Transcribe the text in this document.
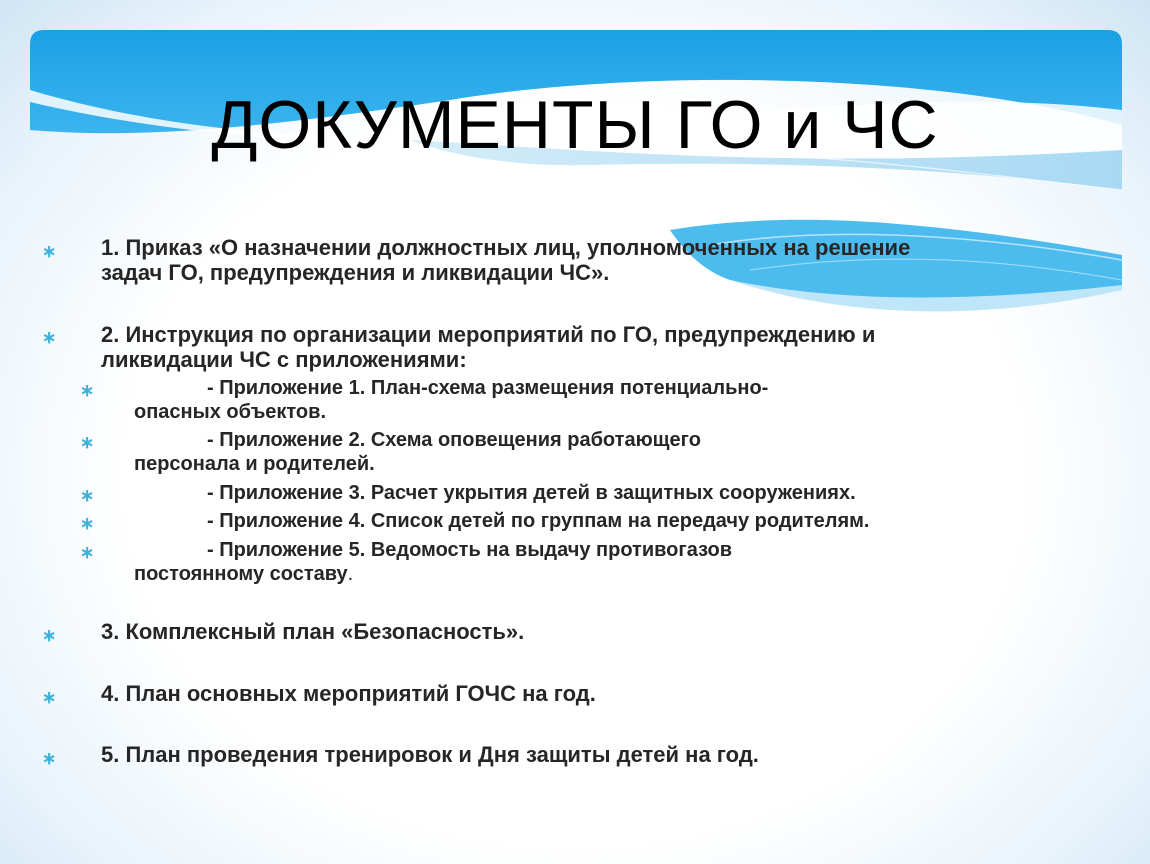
ДОКУМЕНТЫ ГО и ЧС
∗ 1. Приказ «О назначении должностных лиц, уполномоченных на решение
задач ГО, предупреждения и ликвидации ЧС».
∗ 2. Инструкция по организации мероприятий по ГО, предупреждению и
ликвидации ЧС с приложениями:
∗	- Приложение 1. План-схема размещения потенциально-
опасных объектов.
∗	- Приложение 2. Схема оповещения работающего
персонала и родителей.
∗	- Приложение 3. Расчет укрытия детей в защитных сооружениях.
∗	- Приложение 4. Список детей по группам на передачу родителям.
∗	- Приложение 5. Ведомость на выдачу противогазов
постоянному составу.
∗ 3. Комплексный план «Безопасность».
∗ 4. План основных мероприятий ГОЧС на год.
∗ 5. План проведения тренировок и Дня защиты детей на год.
